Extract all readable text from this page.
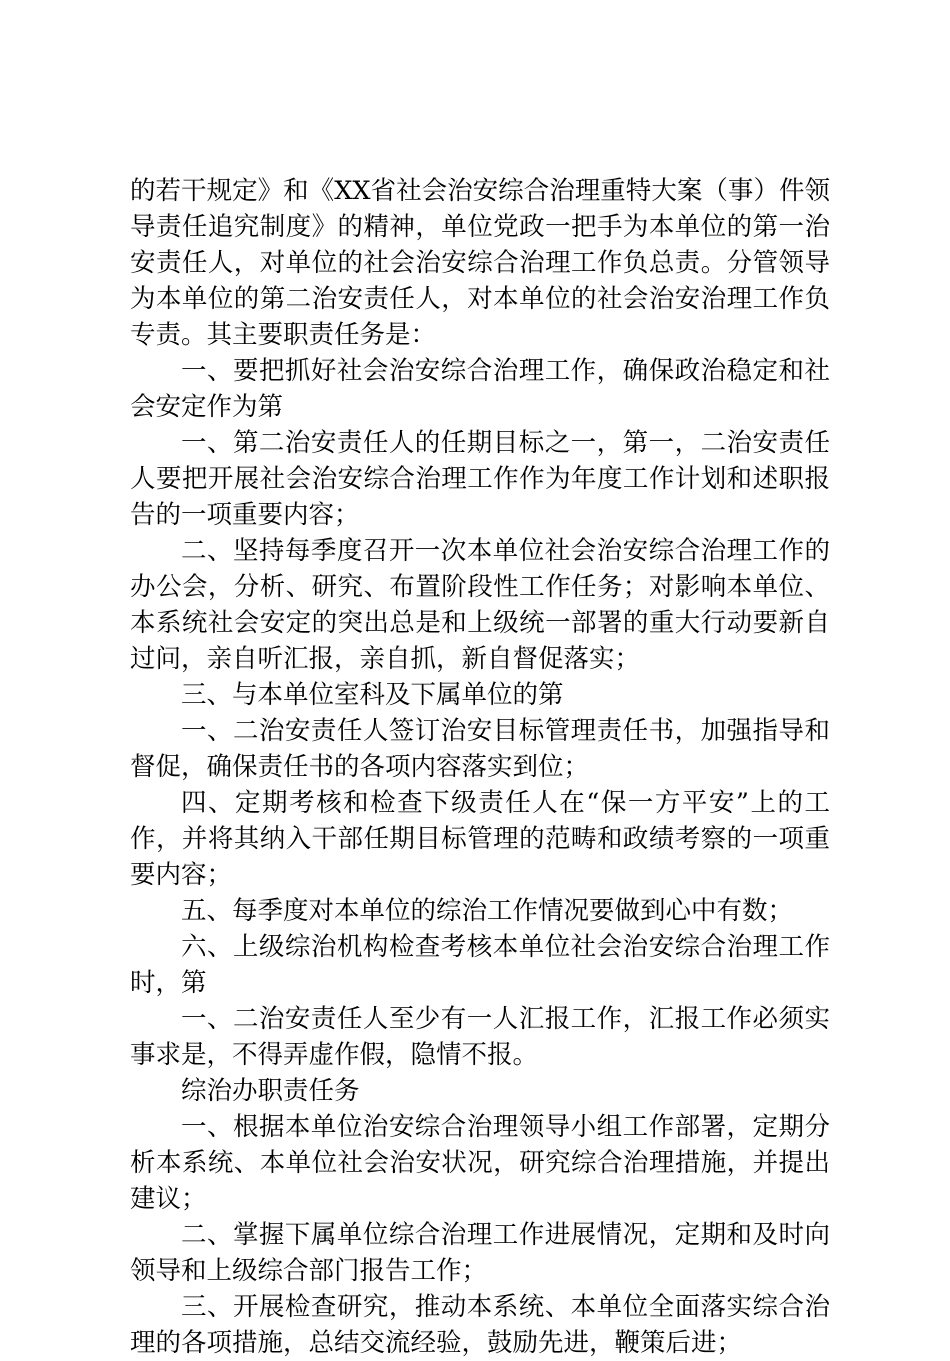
的若干规定》和《XX省社会治安综合治理重特大案（事）件领导责任追究制度》的精神，单位党政一把手为本单位的第一治安责任人，对单位的社会治安综合治理工作负总责。分管领导为本单位的第二治安责任人，对本单位的社会治安治理工作负专责。其主要职责任务是：

一、要把抓好社会治安综合治理工作，确保政治稳定和社会安定作为第

一、第二治安责任人的任期目标之一，第一，二治安责任人要把开展社会治安综合治理工作作为年度工作计划和述职报告的一项重要内容；

二、坚持每季度召开一次本单位社会治安综合治理工作的办公会，分析、研究、布置阶段性工作任务；对影响本单位、本系统社会安定的突出总是和上级统一部署的重大行动要新自过问，亲自听汇报，亲自抓，新自督促落实；

三、与本单位室科及下属单位的第

一、二治安责任人签订治安目标管理责任书，加强指导和督促，确保责任书的各项内容落实到位；

四、定期考核和检查下级责任人在“保一方平安”上的工作，并将其纳入干部任期目标管理的范畴和政绩考察的一项重要内容；

五、每季度对本单位的综治工作情况要做到心中有数；

六、上级综治机构检查考核本单位社会治安综合治理工作时，第

一、二治安责任人至少有一人汇报工作，汇报工作必须实事求是，不得弄虚作假，隐情不报。

综治办职责任务

一、根据本单位治安综合治理领导小组工作部署，定期分析本系统、本单位社会治安状况，研究综合治理措施，并提出建议；

二、掌握下属单位综合治理工作进展情况，定期和及时向领导和上级综合部门报告工作；

三、开展检查研究，推动本系统、本单位全面落实综合治理的各项措施，总结交流经验，鼓励先进，鞭策后进；
